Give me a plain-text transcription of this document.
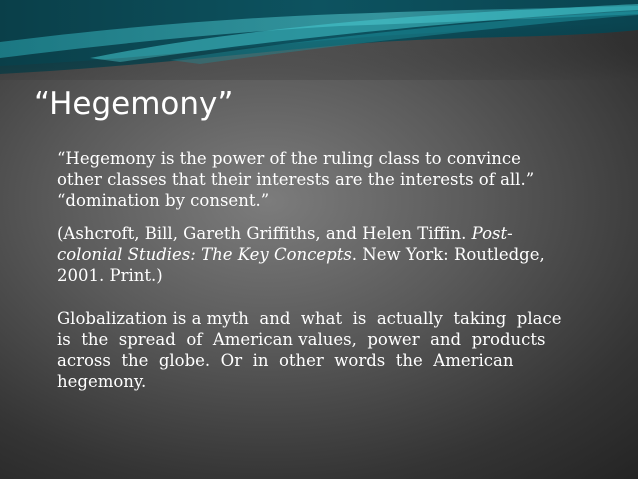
“Hegemony”
“Hegemony is the power of the ruling class to convince other classes that their interests are the interests of all.”
“domination by consent.”
(Ashcroft, Bill, Gareth Griffiths, and Helen Tiffin. Post-colonial Studies: The Key Concepts. New York: Routledge, 2001. Print.)
Globalization is a myth  and  what  is  actually  taking  place  is  the  spread  of  American values,  power  and  products  across  the  globe.  Or  in  other  words  the  American  hegemony.
